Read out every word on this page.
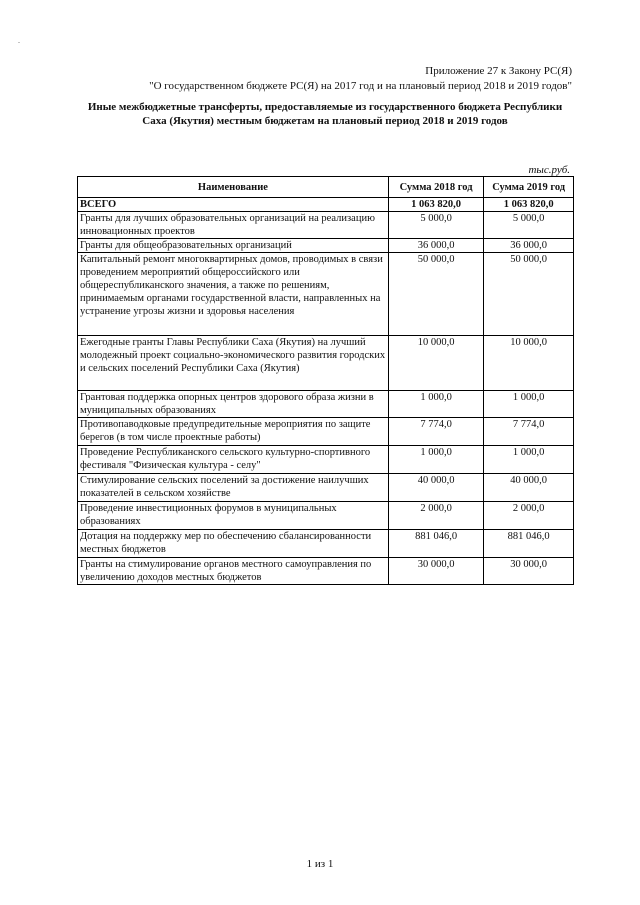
.
Приложение 27 к Закону РС(Я)
"О государственном бюджете РС(Я) на 2017 год и на плановый период 2018 и 2019 годов"
Иные межбюджетные трансферты, предоставляемые из государственного бюджета Республики
Саха (Якутия) местным бюджетам на плановый период 2018 и 2019 годов
тыс.руб.
Наименование	Сумма 2018 год	Сумма 2019 год
ВСЕГО	1 063 820,0	1 063 820,0
Гранты для лучших образовательных организаций на реализацию инновационных проектов	5 000,0	5 000,0
Гранты для общеобразовательных организаций	36 000,0	36 000,0
Капитальный ремонт многоквартирных домов, проводимых в связи проведением мероприятий общероссийского или общереспубликанского значения, а также по решениям, принимаемым органами государственной власти, направленных на устранение угрозы жизни и здоровья населения	50 000,0	50 000,0
Ежегодные гранты Главы Республики Саха (Якутия) на лучший молодежный проект социально-экономического развития городских и сельских поселений Республики Саха (Якутия)	10 000,0	10 000,0
Грантовая поддержка опорных центров здорового образа жизни в муниципальных образованиях	1 000,0	1 000,0
Противопаводковые предупредительные мероприятия по защите берегов (в том числе проектные работы)	7 774,0	7 774,0
Проведение Республиканского сельского культурно-спортивного фестиваля "Физическая культура - селу"	1 000,0	1 000,0
Стимулирование сельских поселений за достижение наилучших показателей в сельском хозяйстве	40 000,0	40 000,0
Проведение инвестиционных форумов в муниципальных образованиях	2 000,0	2 000,0
Дотация на поддержку мер по обеспечению сбалансированности местных бюджетов	881 046,0	881 046,0
Гранты на стимулирование органов местного самоуправления по увеличению доходов местных бюджетов	30 000,0	30 000,0
1 из 1
